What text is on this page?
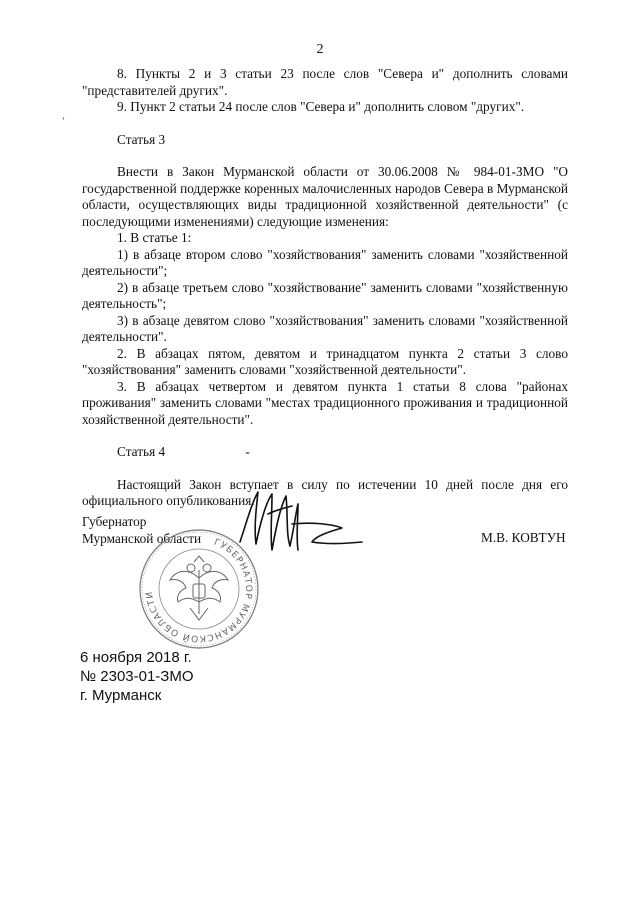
2
ʼ

8. Пункты 2 и 3 статьи 23 после слов "Севера и" дополнить словами "представителей других".

9. Пункт 2 статьи 24 после слов "Севера и" дополнить словом "других".

Статья 3

Внести в Закон Мурманской области от 30.06.2008 № 984-01-ЗМО "О государственной поддержке коренных малочисленных народов Севера в Мурманской области, осуществляющих виды традиционной хозяйственной деятельности" (с последующими изменениями) следующие изменения:

1. В статье 1:

1) в абзаце втором слово "хозяйствования" заменить словами "хозяйственной деятельности";

2) в абзаце третьем слово "хозяйствование" заменить словами "хозяйственную деятельность";

3) в абзаце девятом слово "хозяйствования" заменить словами "хозяйственной деятельности".

2. В абзацах пятом, девятом и тринадцатом пункта 2 статьи 3 слово "хозяйствования" заменить словами "хозяйственной деятельности".

3. В абзацах четвертом и девятом пункта 1 статьи 8 слова "районах проживания" заменить словами "местах традиционного проживания и традиционной хозяйственной деятельности".

Статья 4	-

Настоящий Закон вступает в силу по истечении 10 дней после дня его официального опубликования.

Губернатор
Мурманской области	М.В. КОВТУН
ГУБЕРНАТОР МУРМАНСКОЙ ОБЛАСТИ
6 ноября 2018 г.
№ 2303-01-ЗМО
г. Мурманск
